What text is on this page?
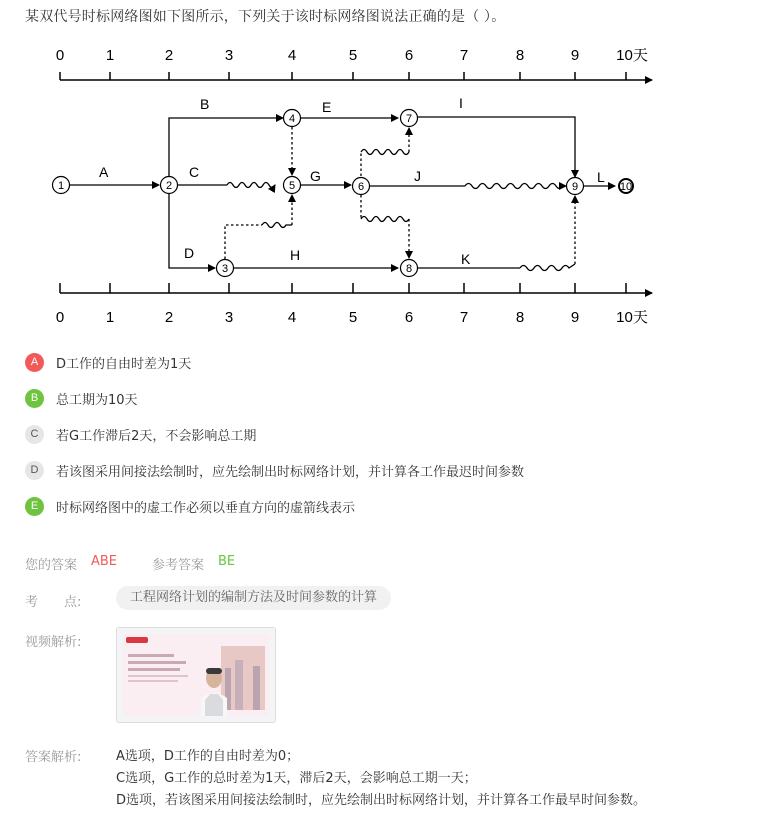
某双代号时标网络图如下图所示，下列关于该时标网络图说法正确的是（ ）。
0	1	2	3	4	5	6	7	8	9 10天
0	1	2	3	4	5	6	7	8	9 10天
A
B
C
D
E
G
H
I
J
K
L
1	2
3
4
5	6
7
8
9	10
A	D工作的自由时差为1天
B	总工期为10天
C	若G工作滞后2天，不会影响总工期
D	若该图采用间接法绘制时，应先绘制出时标网络计划，并计算各工作最迟时间参数
E	时标网络图中的虚工作必须以垂直方向的虚箭线表示
您的答案 ABE	参考答案 BE
考　　点:	工程网络计划的编制方法及时间参数的计算
视频解析:
答案解析:	A选项，D工作的自由时差为0；
C选项，G工作的总时差为1天，滞后2天，会影响总工期一天；
D选项，若该图采用间接法绘制时，应先绘制出时标网络计划，并计算各工作最早时间参数。
